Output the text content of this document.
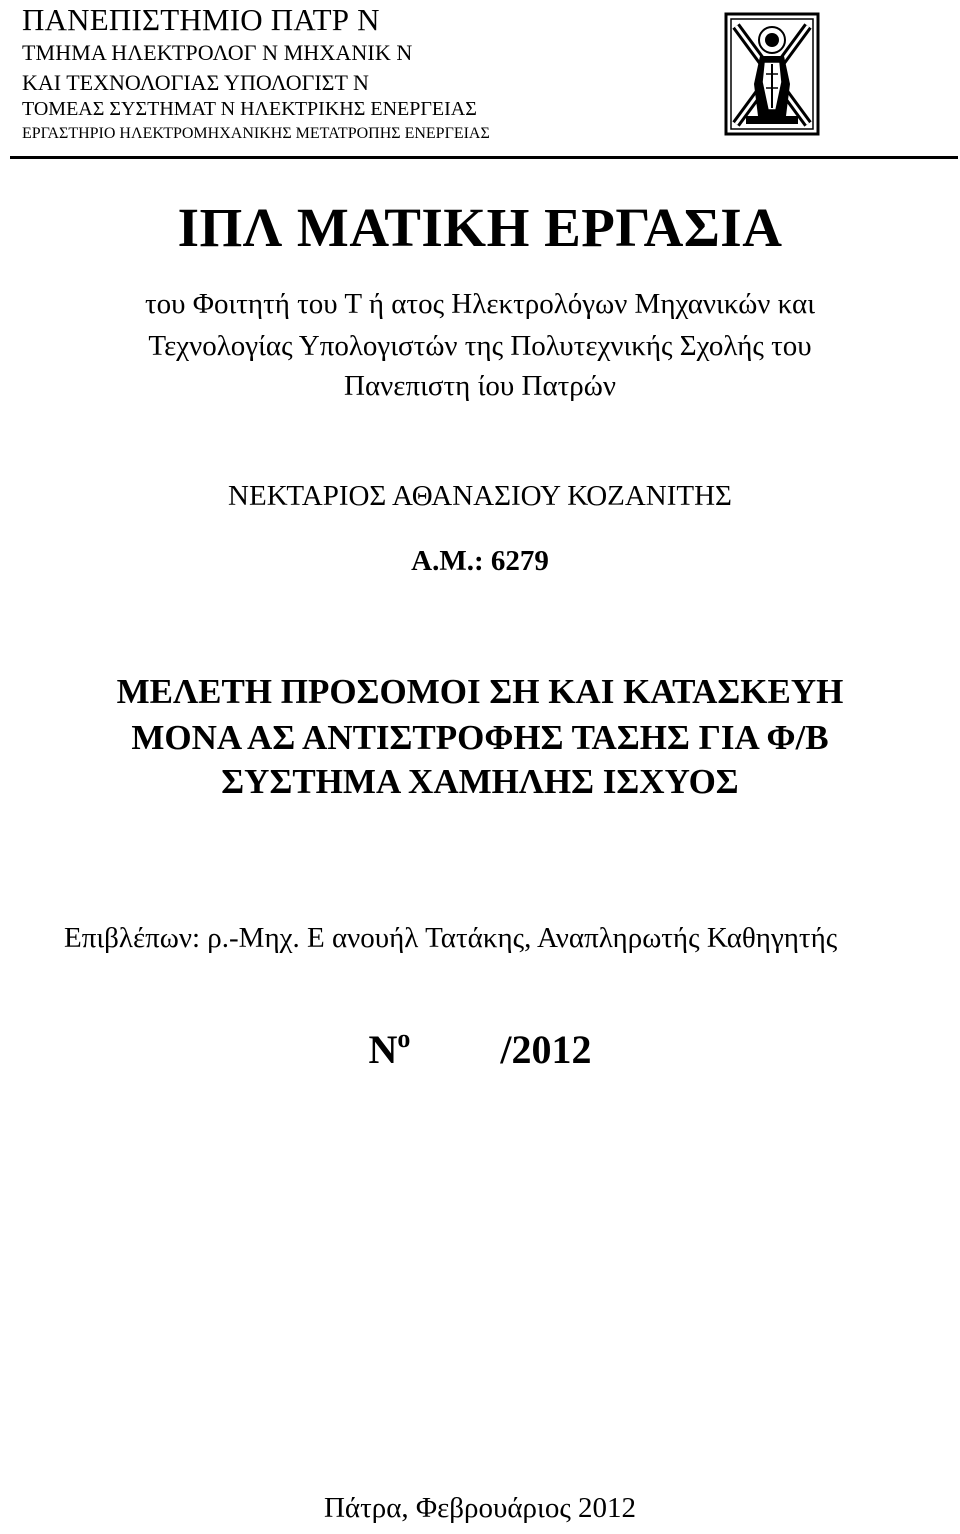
ΠΑΝΕΠΙΣΤΗΜΙΟ ΠΑΤΡ Ν
ΤΜΗΜΑ ΗΛΕΚΤΡΟΛΟΓ Ν ΜΗΧΑΝΙΚ Ν
ΚΑΙ ΤΕΧΝΟΛΟΓΙΑΣ ΥΠΟΛΟΓΙΣΤ Ν
ΤΟΜΕΑΣ ΣΥΣΤΗΜΑΤ Ν ΗΛΕΚΤΡΙΚΗΣ ΕΝΕΡΓΕΙΑΣ
ΕΡΓΑΣΤΗΡΙΟ ΗΛΕΚΤΡΟΜΗΧΑΝΙΚΗΣ ΜΕΤΑΤΡΟΠΗΣ ΕΝΕΡΓΕΙΑΣ
ΙΠΛ ΜΑΤΙΚΗ ΕΡΓΑΣΙΑ
του Φοιτητή του Τ ή ατος Ηλεκτρολόγων Μηχανικών και
Τεχνολογίας Υπολογιστών της Πολυτεχνικής Σχολής του
Πανεπιστη ίου Πατρών
ΝΕΚΤΑΡΙΟΣ ΑΘΑΝΑΣΙΟΥ ΚΟΖΑΝΙΤΗΣ
Α.Μ.: 6279
ΜΕΛΕΤΗ ΠΡΟΣΟΜΟΙ ΣΗ ΚΑΙ ΚΑΤΑΣΚΕΥΗ
ΜΟΝΑ ΑΣ ΑΝΤΙΣΤΡΟΦΗΣ ΤΑΣΗΣ ΓΙΑ Φ/Β
ΣΥΣΤΗΜΑ ΧΑΜΗΛΗΣ ΙΣΧΥΟΣ
Επιβλέπων: ρ.-Μηχ. Ε ανουήλ Τατάκης, Αναπληρωτής Καθηγητής
$N^o$ /2012
Πάτρα, Φεβρουάριος 2012
